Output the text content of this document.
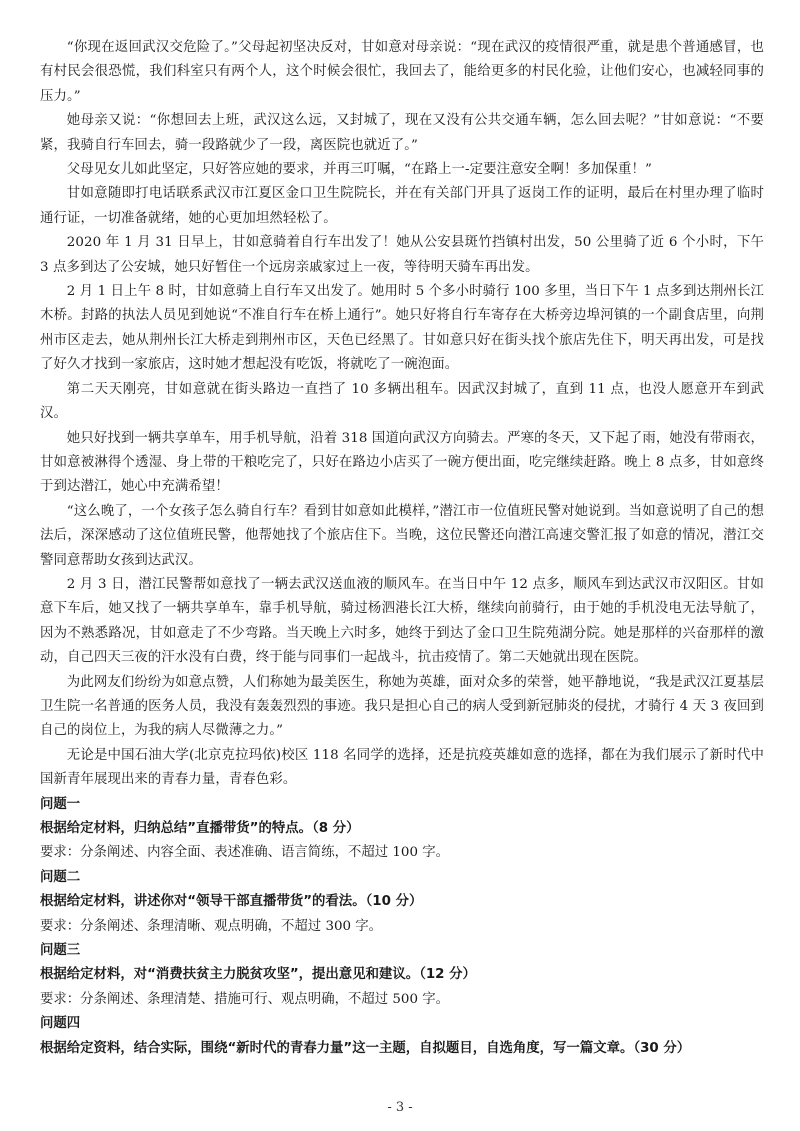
“你现在返回武汉交危险了。”父母起初坚决反对，甘如意对母亲说：“现在武汉的疫情很严重，就是患个普通感冒，也有村民会很恐慌，我们科室只有两个人，这个时候会很忙，我回去了，能给更多的村民化验，让他们安心，也减轻同事的压力。”

她母亲又说：“你想回去上班，武汉这么远，又封城了，现在又没有公共交通车辆，怎么回去呢？”甘如意说：“不要紧，我骑自行车回去，骑一段路就少了一段，离医院也就近了。”

父母见女儿如此坚定，只好答应她的要求，并再三叮嘱，“在路上一-定要注意安全啊！多加保重！”

甘如意随即打电话联系武汉市江夏区金口卫生院院长，并在有关部门开具了返岗工作的证明，最后在村里办理了临时通行证，一切准备就绪，她的心更加坦然轻松了。

2020 年 1 月 31 日早上，甘如意骑着自行车出发了！她从公安县斑竹挡镇村出发，50 公里骑了近 6 个小时，下午 3 点多到达了公安城，她只好暂住一个远房亲戚家过上一夜，等待明天骑车再出发。

2 月 1 日上午 8 时，甘如意骑上自行车又出发了。她用时 5 个多小时骑行 100 多里，当日下午 1 点多到达荆州长江木桥。封路的执法人员见到她说“不准自行车在桥上通行”。她只好将自行车寄存在大桥旁边埠河镇的一个副食店里，向荆州市区走去，她从荆州长江大桥走到荆州市区，天色已经黑了。甘如意只好在街头找个旅店先住下，明天再出发，可是找了好久才找到一家旅店，这时她才想起没有吃饭，将就吃了一碗泡面。

第二天天刚亮，甘如意就在街头路边一直挡了 10 多辆出租车。因武汉封城了，直到 11 点，也没人愿意开车到武汉。

她只好找到一辆共享单车，用手机导航，沿着 318 国道向武汉方向骑去。严寒的冬天，又下起了雨，她没有带雨衣，甘如意被淋得个透湿、身上带的干粮吃完了，只好在路边小店买了一碗方便出面，吃完继续赶路。晚上 8 点多，甘如意终于到达潜江，她心中充满希望！

“这么晚了，一个女孩子怎么骑自行车？看到甘如意如此模样，”潜江市一位值班民警对她说到。当如意说明了自己的想法后，深深感动了这位值班民警，他帮她找了个旅店住下。当晚，这位民警还向潜江高速交警汇报了如意的情况，潜江交警同意帮助女孩到达武汉。

2 月 3 日，潜江民警帮如意找了一辆去武汉送血液的顺风车。在当日中午 12 点多，顺风车到达武汉市汉阳区。甘如意下车后，她又找了一辆共享单车，靠手机导航，骑过杨泗港长江大桥，继续向前骑行，由于她的手机没电无法导航了，因为不熟悉路况，甘如意走了不少弯路。当天晚上六时多，她终于到达了金口卫生院苑湖分院。她是那样的兴奋那样的激动，自己四天三夜的汗水没有白费，终于能与同事们一起战斗，抗击疫情了。第二天她就出现在医院。

为此网友们纷纷为如意点赞，人们称她为最美医生，称她为英雄，面对众多的荣誉，她平静地说，“我是武汉江夏基层卫生院一名普通的医务人员，我没有轰轰烈烈的事迹。我只是担心自己的病人受到新冠肺炎的侵扰，才骑行 4 天 3 夜回到自己的岗位上，为我的病人尽微薄之力。”

无论是中国石油大学(北京克拉玛依)校区 118 名同学的选择，还是抗疫英雄如意的选择，都在为我们展示了新时代中国新青年展现出来的青春力量，青春色彩。

问题一

根据给定材料，归纳总结”直播带货”的特点。（8 分）

要求：分条阐述、内容全面、表述准确、语言简练，不超过 100 字。

问题二

根据给定材料，讲述你对“领导干部直播带货”的看法。（10 分）

要求：分条阐述、条理清晰、观点明确，不超过 300 字。

问题三

根据给定材料，对“消费扶贫主力脱贫攻坚”，提出意见和建议。（12 分）

要求：分条阐述、条理清楚、措施可行、观点明确，不超过 500 字。

问题四

根据给定资料，结合实际，围绕“新时代的青春力量”这一主题，自拟题目，自选角度，写一篇文章。（30 分）

- 3 -
